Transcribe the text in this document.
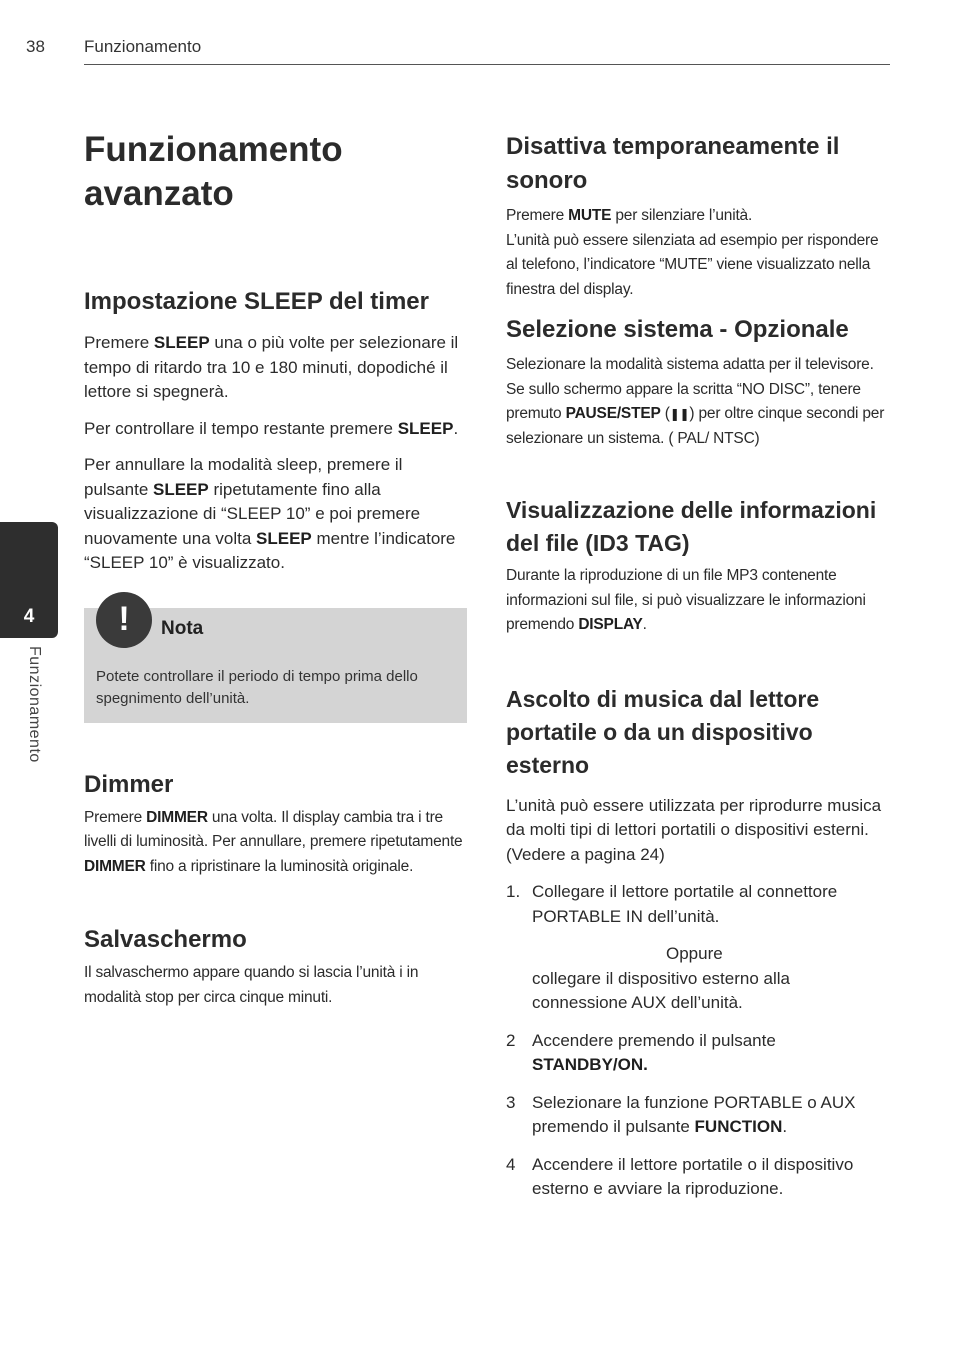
38 Funzionamento
4
Funzionamento
Funzionamento
avanzato
Impostazione SLEEP del timer

Premere SLEEP una o più volte per selezionare il tempo di ritardo tra 10 e 180 minuti, dopodiché il lettore si spegnerà.

Per controllare il tempo restante premere SLEEP.

Per annullare la modalità sleep, premere il pulsante SLEEP ripetutamente fino alla visualizzazione di “SLEEP 10” e poi premere nuovamente una volta SLEEP mentre l’indicatore “SLEEP 10” è visualizzato.

!	Nota
Potete controllare il periodo di tempo prima dello spegnimento dell’unità.
Dimmer

Premere DIMMER una volta. Il display cambia tra i tre livelli di luminosità. Per annullare, premere ripetutamente DIMMER fino a ripristinare la luminosità originale.

Salvaschermo

Il salvaschermo appare quando si lascia l’unità i in modalità stop per circa cinque minuti.

Disattiva temporaneamente il sonoro

Premere MUTE per silenziare l’unità.

L’unità può essere silenziata ad esempio per rispondere al telefono, l’indicatore “MUTE” viene visualizzato nella finestra del display.

Selezione sistema - Opzionale

Selezionare la modalità sistema adatta per il televisore. Se sullo schermo appare la scritta “NO DISC”, tenere premuto PAUSE/STEP (❚❚) per oltre cinque secondi per selezionare un sistema. ( PAL/ NTSC)

Visualizzazione delle informazioni del file (ID3 TAG)

Durante la riproduzione di un file MP3 contenente informazioni sul file, si può visualizzare le informazioni premendo DISPLAY.

Ascolto di musica dal lettore portatile o da un dispositivo esterno

L’unità può essere utilizzata per riprodurre musica da molti tipi di lettori portatili o dispositivi esterni. (Vedere a pagina 24)

1. Collegare il lettore portatile al connettore PORTABLE IN dell’unità.
Oppure
collegare il dispositivo esterno alla connessione AUX dell’unità.
2 Accendere premendo il pulsante STANDBY/ON.
3 Selezionare la funzione PORTABLE o AUX premendo il pulsante FUNCTION.
4 Accendere il lettore portatile o il dispositivo esterno e avviare la riproduzione.
